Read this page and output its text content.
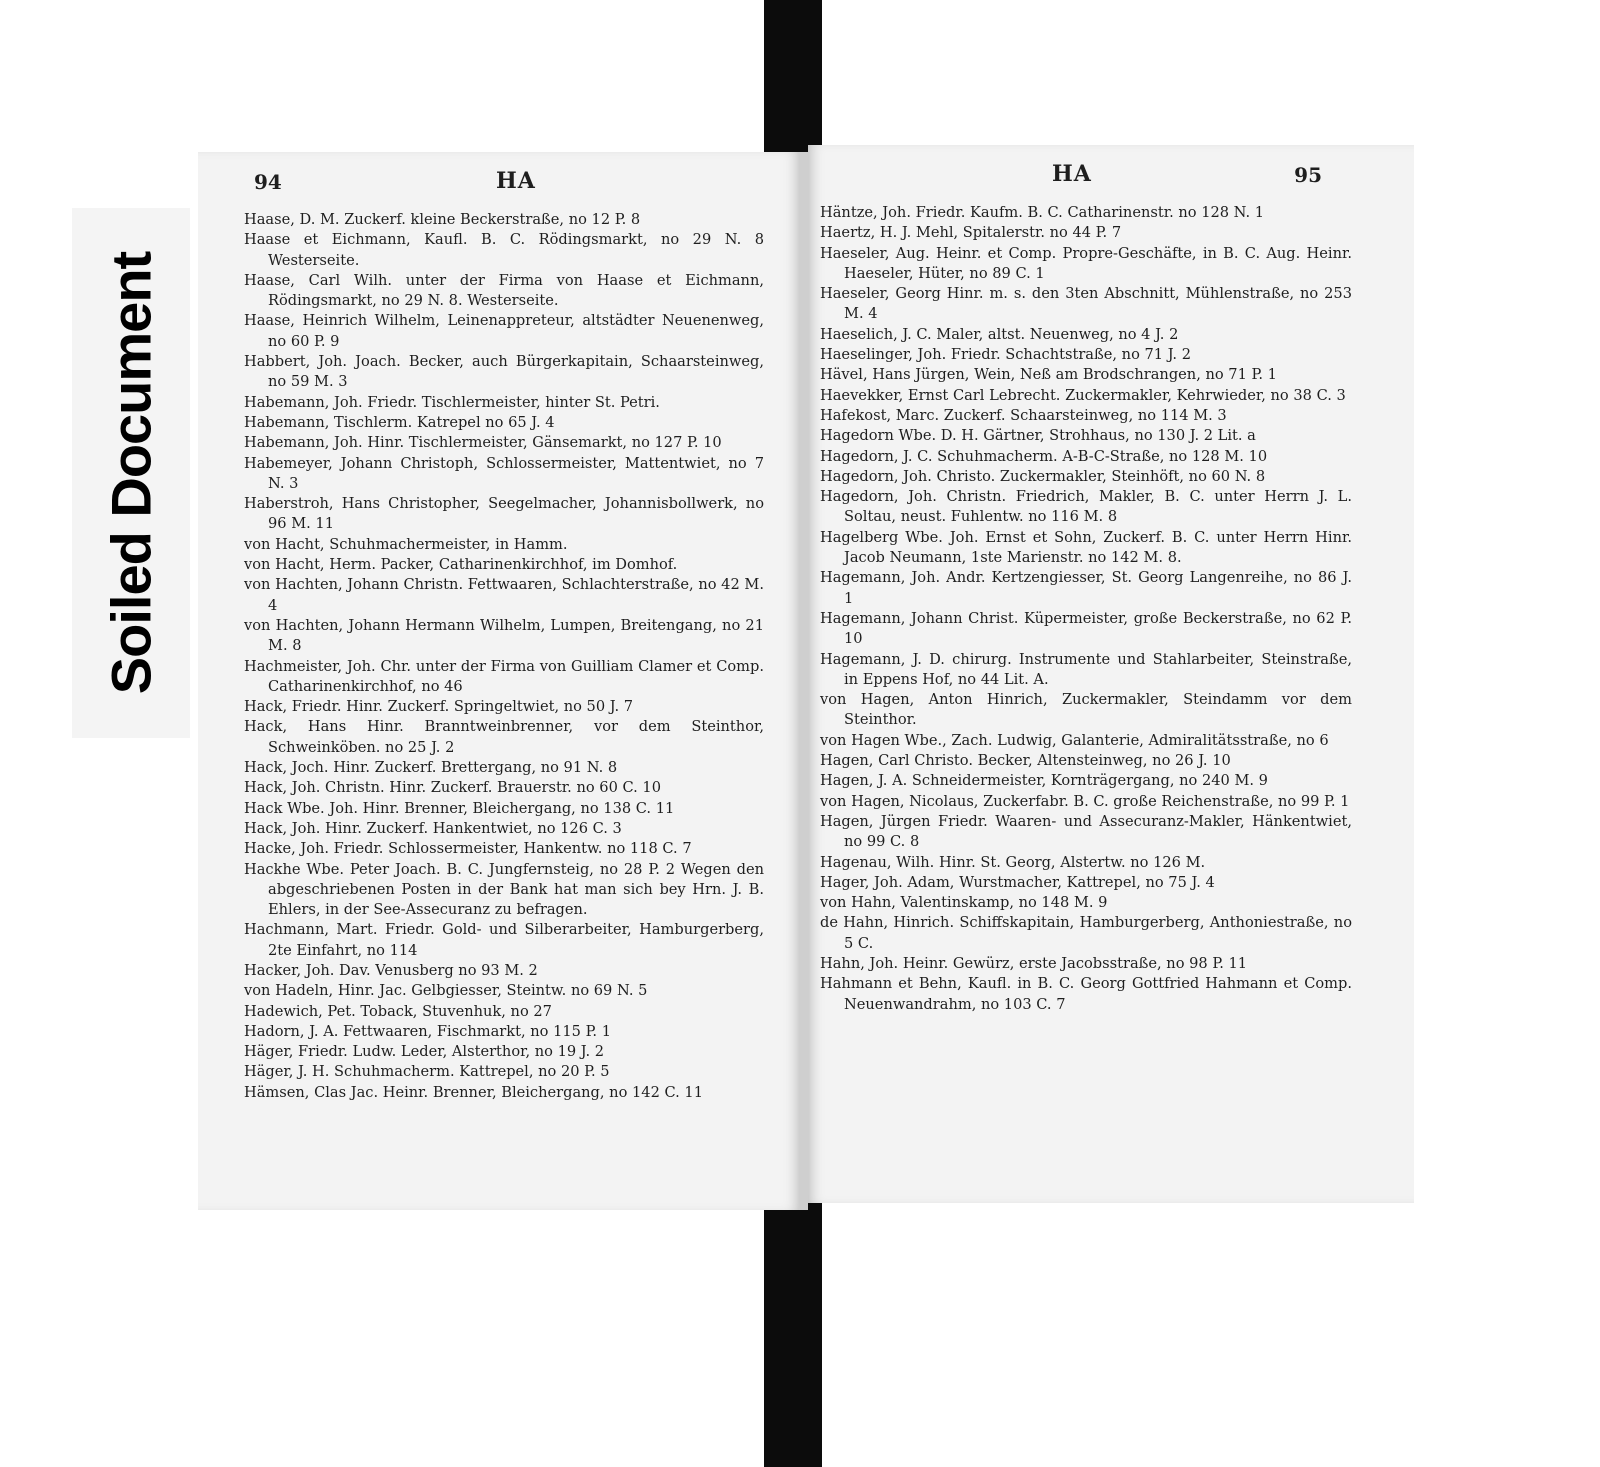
Soiled Document
94	HA
Haase, D. M. Zuckerf. kleine Beckerstraße, no 12 P. 8
Haase et Eichmann, Kaufl. B. C. Rödingsmarkt, no 29 N. 8 Westerseite.
Haase, Carl Wilh. unter der Firma von Haase et Eichmann, Rödingsmarkt, no 29 N. 8. Westerseite.
Haase, Heinrich Wilhelm, Leinenappreteur, altstädter Neuenenweg, no 60 P. 9
Habbert, Joh. Joach. Becker, auch Bürgerkapitain, Schaarsteinweg, no 59 M. 3
Habemann, Joh. Friedr. Tischlermeister, hinter St. Petri.
Habemann, Tischlerm. Katrepel no 65 J. 4
Habemann, Joh. Hinr. Tischlermeister, Gänsemarkt, no 127 P. 10
Habemeyer, Johann Christoph, Schlossermeister, Mattentwiet, no 7 N. 3
Haberstroh, Hans Christopher, Seegelmacher, Johannisbollwerk, no 96 M. 11
von Hacht, Schuhmachermeister, in Hamm.
von Hacht, Herm. Packer, Catharinenkirchhof, im Domhof.
von Hachten, Johann Christn. Fettwaaren, Schlachterstraße, no 42 M. 4
von Hachten, Johann Hermann Wilhelm, Lumpen, Breitengang, no 21 M. 8
Hachmeister, Joh. Chr. unter der Firma von Guilliam Clamer et Comp. Catharinenkirchhof, no 46
Hack, Friedr. Hinr. Zuckerf. Springeltwiet, no 50 J. 7
Hack, Hans Hinr. Branntweinbrenner, vor dem Steinthor, Schweinköben. no 25 J. 2
Hack, Joch. Hinr. Zuckerf. Brettergang, no 91 N. 8
Hack, Joh. Christn. Hinr. Zuckerf. Brauerstr. no 60 C. 10
Hack Wbe. Joh. Hinr. Brenner, Bleichergang, no 138 C. 11
Hack, Joh. Hinr. Zuckerf. Hankentwiet, no 126 C. 3
Hacke, Joh. Friedr. Schlossermeister, Hankentw. no 118 C. 7
Hackhe Wbe. Peter Joach. B. C. Jungfernsteig, no 28 P. 2 Wegen den abgeschriebenen Posten in der Bank hat man sich bey Hrn. J. B. Ehlers, in der See-Assecuranz zu befragen.
Hachmann, Mart. Friedr. Gold- und Silberarbeiter, Hamburgerberg, 2te Einfahrt, no 114
Hacker, Joh. Dav. Venusberg no 93 M. 2
von Hadeln, Hinr. Jac. Gelbgiesser, Steintw. no 69 N. 5
Hadewich, Pet. Toback, Stuvenhuk, no 27
Hadorn, J. A. Fettwaaren, Fischmarkt, no 115 P. 1
Häger, Friedr. Ludw. Leder, Alsterthor, no 19 J. 2
Häger, J. H. Schuhmacherm. Kattrepel, no 20 P. 5
Hämsen, Clas Jac. Heinr. Brenner, Bleichergang, no 142 C. 11
HA	95
Häntze, Joh. Friedr. Kaufm. B. C. Catharinenstr. no 128 N. 1
Haertz, H. J. Mehl, Spitalerstr. no 44 P. 7
Haeseler, Aug. Heinr. et Comp. Propre-Geschäfte, in B. C. Aug. Heinr. Haeseler, Hüter, no 89 C. 1
Haeseler, Georg Hinr. m. s. den 3ten Abschnitt, Mühlenstraße, no 253 M. 4
Haeselich, J. C. Maler, altst. Neuenweg, no 4 J. 2
Haeselinger, Joh. Friedr. Schachtstraße, no 71 J. 2
Hävel, Hans Jürgen, Wein, Neß am Brodschrangen, no 71 P. 1
Haevekker, Ernst Carl Lebrecht. Zuckermakler, Kehrwieder, no 38 C. 3
Hafekost, Marc. Zuckerf. Schaarsteinweg, no 114 M. 3
Hagedorn Wbe. D. H. Gärtner, Strohhaus, no 130 J. 2 Lit. a
Hagedorn, J. C. Schuhmacherm. A-B-C-Straße, no 128 M. 10
Hagedorn, Joh. Christo. Zuckermakler, Steinhöft, no 60 N. 8
Hagedorn, Joh. Christn. Friedrich, Makler, B. C. unter Herrn J. L. Soltau, neust. Fuhlentw. no 116 M. 8
Hagelberg Wbe. Joh. Ernst et Sohn, Zuckerf. B. C. unter Herrn Hinr. Jacob Neumann, 1ste Marienstr. no 142 M. 8.
Hagemann, Joh. Andr. Kertzengiesser, St. Georg Langenreihe, no 86 J. 1
Hagemann, Johann Christ. Küpermeister, große Beckerstraße, no 62 P. 10
Hagemann, J. D. chirurg. Instrumente und Stahlarbeiter, Steinstraße, in Eppens Hof, no 44 Lit. A.
von Hagen, Anton Hinrich, Zuckermakler, Steindamm vor dem Steinthor.
von Hagen Wbe., Zach. Ludwig, Galanterie, Admiralitätsstraße, no 6
Hagen, Carl Christo. Becker, Altensteinweg, no 26 J. 10
Hagen, J. A. Schneidermeister, Kornträgergang, no 240 M. 9
von Hagen, Nicolaus, Zuckerfabr. B. C. große Reichenstraße, no 99 P. 1
Hagen, Jürgen Friedr. Waaren- und Assecuranz-Makler, Hänkentwiet, no 99 C. 8
Hagenau, Wilh. Hinr. St. Georg, Alstertw. no 126 M.
Hager, Joh. Adam, Wurstmacher, Kattrepel, no 75 J. 4
von Hahn, Valentinskamp, no 148 M. 9
de Hahn, Hinrich. Schiffskapitain, Hamburgerberg, Anthoniestraße, no 5 C.
Hahn, Joh. Heinr. Gewürz, erste Jacobsstraße, no 98 P. 11
Hahmann et Behn, Kaufl. in B. C. Georg Gottfried Hahmann et Comp. Neuenwandrahm, no 103 C. 7
